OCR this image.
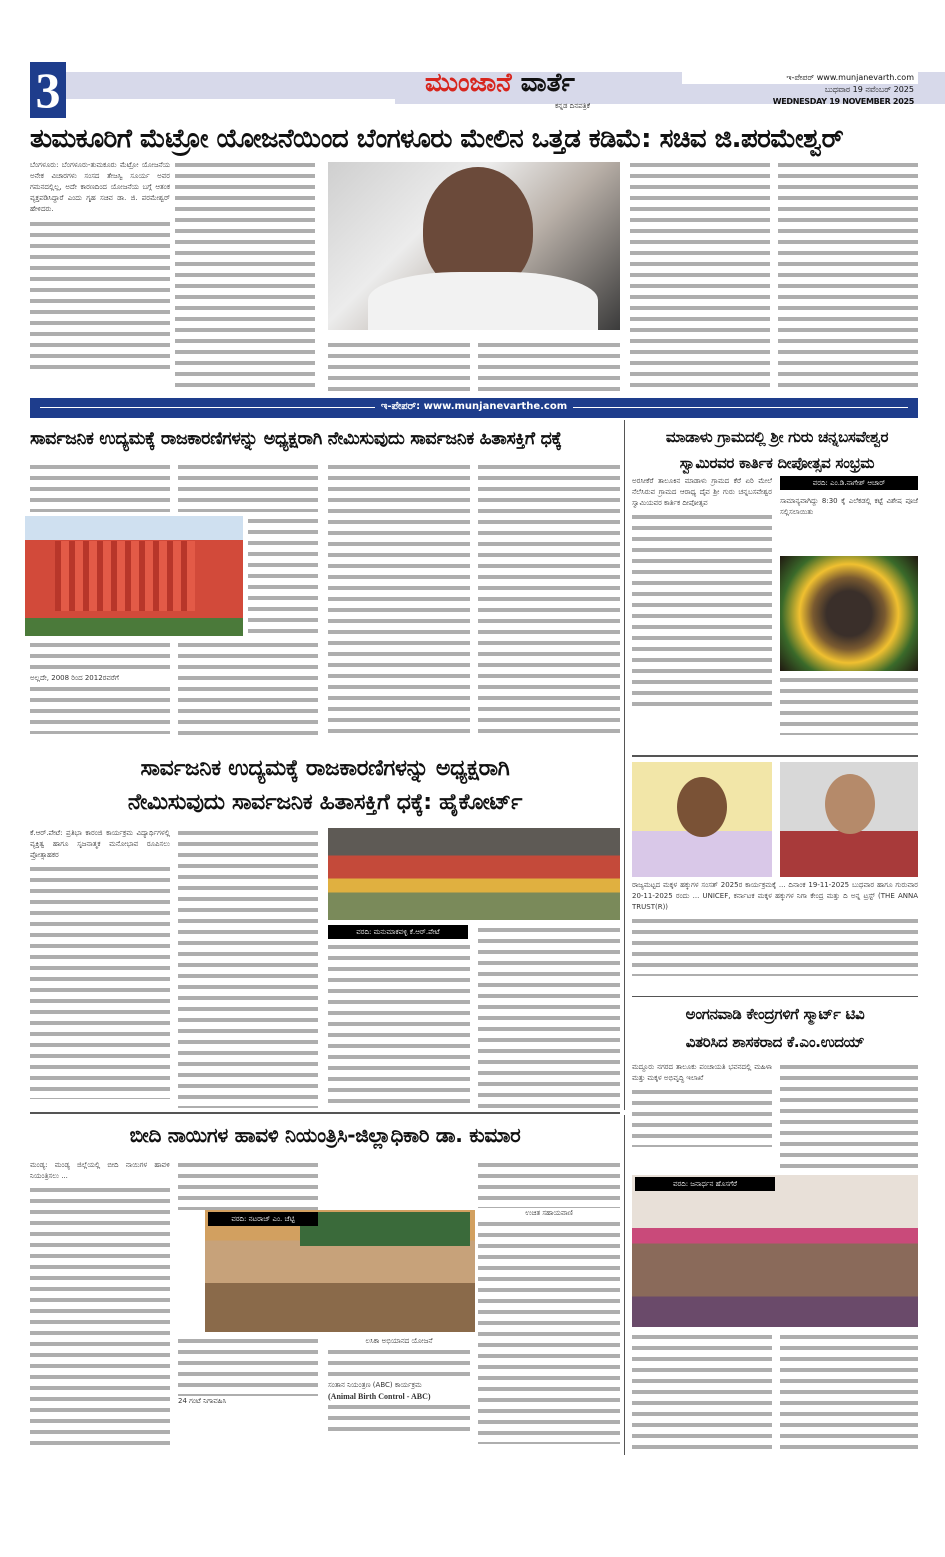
3	ಮುಂಜಾನೆ ವಾರ್ತೆ
ಕನ್ನಡ ದಿನಪತ್ರಿಕೆ
ಇ-ಪೇಪರ್ www.munjanevarth.com
ಬುಧವಾರ 19 ನವೆಂಬರ್ 2025
WEDNESDAY 19 NOVEMBER 2025
ತುಮಕೂರಿಗೆ ಮೆಟ್ರೋ ಯೋಜನೆಯಿಂದ ಬೆಂಗಳೂರು ಮೇಲಿನ ಒತ್ತಡ ಕಡಿಮೆ: ಸಚಿವ ಜಿ.ಪರಮೇಶ್ವರ್
ಬೆಂಗಳೂರು: ಬೆಂಗಳೂರು-ತುಮಕೂರು ಮೆಟ್ರೋ ಯೋಜನೆಯ ಅನೇಕ ವಿಚಾರಗಳು ಸಂಸದ ತೇಜಸ್ವಿ ಸೂರ್ಯ ಅವರ ಗಮನದಲ್ಲಿಲ್ಲ, ಅದೇ ಕಾರಣದಿಂದ ಯೋಜನೆಯ ಬಗ್ಗೆ ಆತಂಕ ವ್ಯಕ್ತಪಡಿಸಿದ್ದಾರೆ ಎಂದು ಗೃಹ ಸಚಿವ ಡಾ. ಜಿ. ಪರಮೇಶ್ವರ್ ಹೇಳಿದರು.
ಇ-ಪೇಪರ್: www.munjanevarthe.com
ಸಾರ್ವಜನಿಕ ಉದ್ಯಮಕ್ಕೆ ರಾಜಕಾರಣಿಗಳನ್ನು ಅಧ್ಯಕ್ಷರಾಗಿ ನೇಮಿಸುವುದು ಸಾರ್ವಜನಿಕ ಹಿತಾಸಕ್ತಿಗೆ ಧಕ್ಕೆ
ಅಲ್ಲದೇ, 2008 ರಿಂದ 2012ರವರೆಗೆ
ಮಾಡಾಳು ಗ್ರಾಮದಲ್ಲಿ ಶ್ರೀ ಗುರು ಚನ್ನಬಸವೇಶ್ವರ
ಸ್ವಾಮಿರವರ ಕಾರ್ತಿಕ ದೀಪೋತ್ಸವ ಸಂಭ್ರಮ
ಅರಸೀಕೆರೆ ತಾಲೂಕಿನ ಮಾಡಾಳು ಗ್ರಾಮದ ಕೆರೆ ಏರಿ ಮೇಲೆ ನೆಲೆಸಿರುವ ಗ್ರಾಮದ ಆರಾಧ್ಯ ದೈವ ಶ್ರೀ ಗುರು ಚನ್ನಬಸವೇಶ್ವರ ಸ್ವಾಮಿಯವರ ಕಾರ್ತಿಕ ದೀಪೋತ್ಸವ
ವರದಿ: ಎಂ.ಡಿ.ನಾಗೇಶ್ ಆಚಾರ್
ಸಾಮಾನ್ಯವಾಗಿದ್ದು 8:30 ಕ್ಕೆ ಎಲೆಕಡಲ್ಲಿ ಕಟ್ಟೆ ವಿಶೇಷ ಪೂಜೆ ಸಲ್ಲಿಸಲಾಯಿತು
ಸಾರ್ವಜನಿಕ ಉದ್ಯಮಕ್ಕೆ ರಾಜಕಾರಣಿಗಳನ್ನು ಅಧ್ಯಕ್ಷರಾಗಿ
ನೇಮಿಸುವುದು ಸಾರ್ವಜನಿಕ ಹಿತಾಸಕ್ತಿಗೆ ಧಕ್ಕೆ: ಹೈಕೋರ್ಟ್
ಕೆ.ಆರ್.ಪೇಟೆ: ಪ್ರತಿಭಾ ಕಾರಂಜಿ ಕಾರ್ಯಕ್ರಮ ವಿದ್ಯಾರ್ಥಿಗಳಲ್ಲಿ ವ್ಯಕ್ತಿತ್ವ ಹಾಗೂ ಸೃಜನಾತ್ಮಕ ಮನೋಭಾವ ರೂಪಿಸಲು ಪ್ರೋತ್ಸಾಹಕರ
ವರದಿ: ಮನುಮಾಕವಳ್ಳಿ ಕೆ.ಆರ್.ಪೇಟೆ
ರಾಜ್ಯಮಟ್ಟದ ಮಕ್ಕಳ ಹಕ್ಕುಗಳ ಸಂಸತ್ 2025ರ ಕಾರ್ಯಕ್ರಮಕ್ಕೆ ... ದಿನಾಂಕ 19-11-2025 ಬುಧವಾರ ಹಾಗೂ ಗುರುವಾರ 20-11-2025 ರಂದು ... UNICEF, ಕರ್ನಾಟಕ ಮಕ್ಕಳ ಹಕ್ಕುಗಳ ನಿಗಾ ಕೇಂದ್ರ ಮತ್ತು ದಿ ಅನ್ನ ಟ್ರಸ್ಟ್ (THE ANNA TRUST(R))
ಅಂಗನವಾಡಿ ಕೇಂದ್ರಗಳಿಗೆ ಸ್ಮಾರ್ಟ್ ಟಿವಿ
ವಿತರಿಸಿದ ಶಾಸಕರಾದ ಕೆ.ಎಂ.ಉದಯ್
ಮದ್ದೂರು ನಗರದ ತಾಲೂಕು ಪಂಚಾಯತಿ ಭವನದಲ್ಲಿ ಮಹಿಳಾ ಮತ್ತು ಮಕ್ಕಳ ಅಭಿವೃದ್ಧಿ ಇಲಾಖೆ
ವರದಿ: ಜನಾರ್ಧನ ಹೊಸಗೆರೆ
ಬೀದಿ ನಾಯಿಗಳ ಹಾವಳಿ ನಿಯಂತ್ರಿಸಿ-ಜಿಲ್ಲಾಧಿಕಾರಿ ಡಾ. ಕುಮಾರ
ಮಂಡ್ಯ: ಮಂಡ್ಯ ಜಿಲ್ಲೆಯಲ್ಲಿ ಬೀದಿ ನಾಯಿಗಳ ಹಾವಳಿ ನಿಯಂತ್ರಿಸಲು ...
ವರದಿ: ನಟರಾಜ್ ಎಂ. ಚೆಟ್ಟಿ
24 ಗಂಟೆ ನಿಗಾವಹಿಸಿ
ಲಸಿಕಾ ಅಭಿಯಾನದ ಯೋಜನೆ
ಸಂತಾನ ನಿಯಂತ್ರಣ (ABC) ಕಾರ್ಯಕ್ರಮ
(Animal Birth Control - ABC)
ಉಚಿತ ಸಹಾಯವಾಣಿ
